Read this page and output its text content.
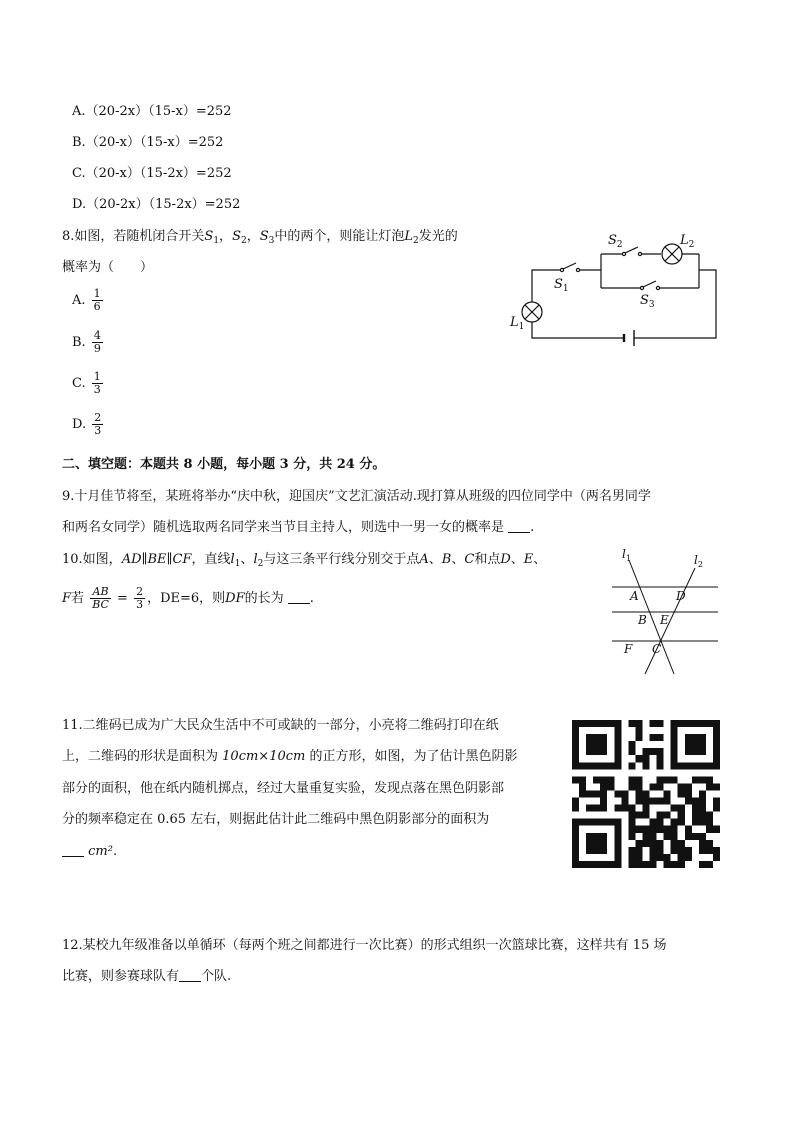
A.（20-2x）（15-x）=252
B.（20-x）（15-x）=252
C.（20-x）（15-2x）=252
D.（20-2x）（15-2x）=252
8.如图，若随机闭合开关$S_1$，$S_2$，$S_3$中的两个，则能让灯泡$L_2$发光的
概率为（　　）
A. $\frac{1}{6}$
B. $\frac{4}{9}$
C. $\frac{1}{3}$
D. $\frac{2}{3}$
$S_2$	$L_2$
$S_1$
$S_3$
$L_1$
二、填空题：本题共 8 小题，每小题 3 分，共 24 分。
9.十月佳节将至，某班将举办“庆中秋，迎国庆”文艺汇演活动.现打算从班级的四位同学中（两名男同学
和两名女同学）随机选取两名同学来当节目主持人，则选中一男一女的概率是 .
10.如图，AD∥BE∥CF，直线$l_1$、$l_2$与这三条平行线分别交于点A、B、C和点D、E、
F若 $\frac{AB}{BC} = \frac{2}{3}$ ，DE=6，则DF的长为 .
$l_1$	$l_2$
A	D
B E
F C
11.二维码已成为广大民众生活中不可或缺的一部分，小亮将二维码打印在纸
上，二维码的形状是面积为 10cm×10cm 的正方形，如图，为了估计黑色阴影
部分的面积，他在纸内随机掷点，经过大量重复实验，发现点落在黑色阴影部
分的频率稳定在 0.65 左右，则据此估计此二维码中黑色阴影部分的面积为
cm².
12.某校九年级准备以单循环（每两个班之间都进行一次比赛）的形式组织一次篮球比赛，这样共有 15 场
比赛，则参赛球队有 个队.
